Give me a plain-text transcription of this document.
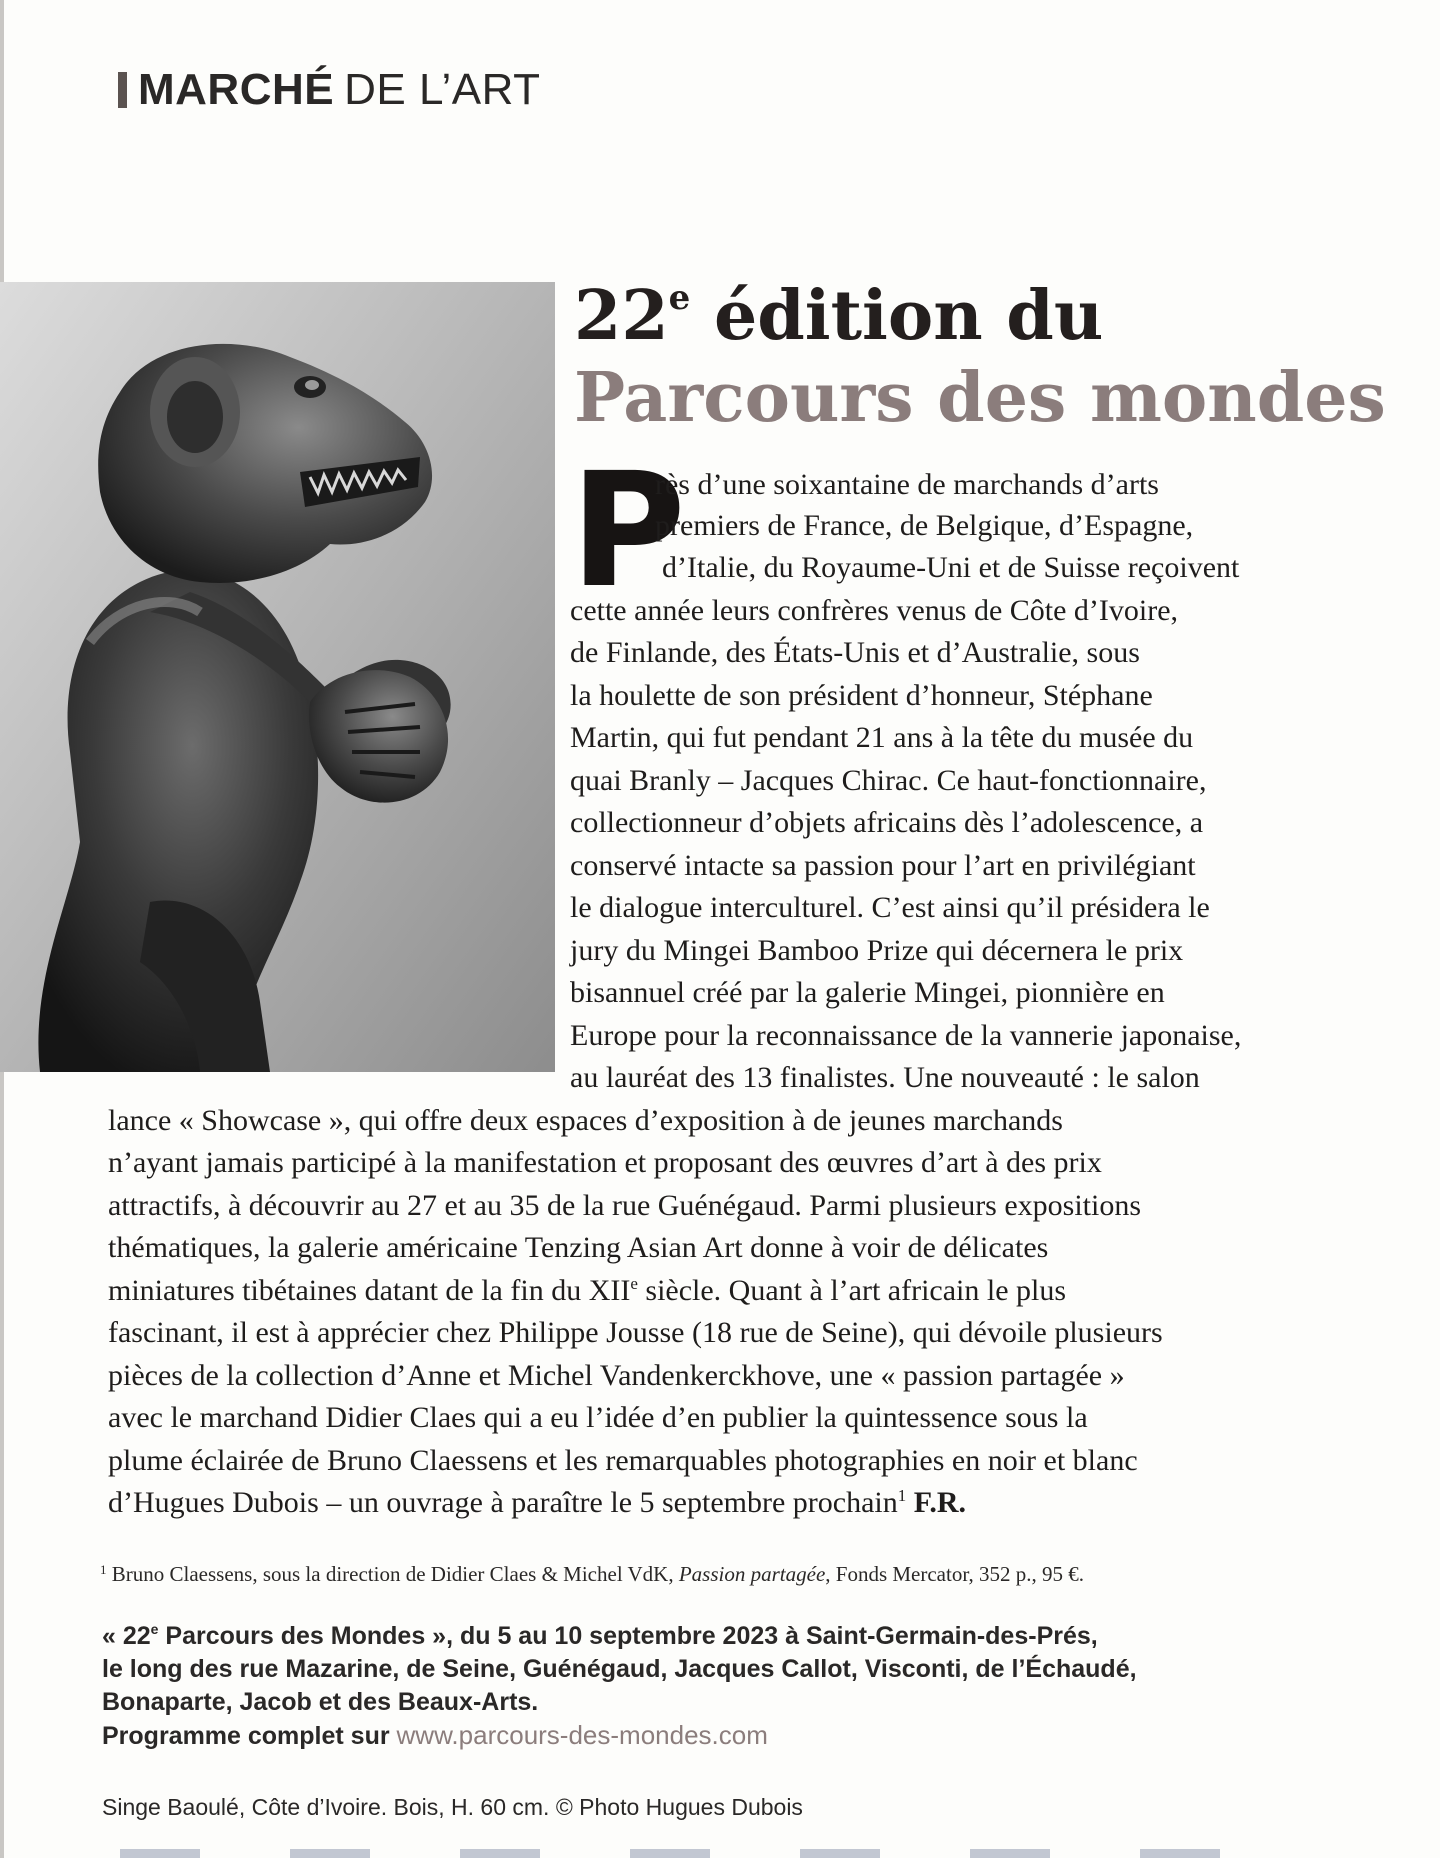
MARCHÉ DE L’ART
22e édition du
Parcours des mondes
P
rès d’une soixantaine de marchands d’arts
premiers de France, de Belgique, d’Espagne,
d’Italie, du Royaume-Uni et de Suisse reçoivent
cette année leurs confrères venus de Côte d’Ivoire,
de Finlande, des États-Unis et d’Australie, sous
la houlette de son président d’honneur, Stéphane
Martin, qui fut pendant 21 ans à la tête du musée du
quai Branly – Jacques Chirac. Ce haut-fonctionnaire,
collectionneur d’objets africains dès l’adolescence, a
conservé intacte sa passion pour l’art en privilégiant
le dialogue interculturel. C’est ainsi qu’il présidera le
jury du Mingei Bamboo Prize qui décernera le prix
bisannuel créé par la galerie Mingei, pionnière en
Europe pour la reconnaissance de la vannerie japonaise,
au lauréat des 13 finalistes. Une nouveauté : le salon
lance « Showcase », qui offre deux espaces d’exposition à de jeunes marchands
n’ayant jamais participé à la manifestation et proposant des œuvres d’art à des prix
attractifs, à découvrir au 27 et au 35 de la rue Guénégaud. Parmi plusieurs expositions
thématiques, la galerie américaine Tenzing Asian Art donne à voir de délicates
miniatures tibétaines datant de la fin du XIIe siècle. Quant à l’art africain le plus
fascinant, il est à apprécier chez Philippe Jousse (18 rue de Seine), qui dévoile plusieurs
pièces de la collection d’Anne et Michel Vandenkerckhove, une « passion partagée »
avec le marchand Didier Claes qui a eu l’idée d’en publier la quintessence sous la
plume éclairée de Bruno Claessens et les remarquables photographies en noir et blanc
d’Hugues Dubois – un ouvrage à paraître le 5 septembre prochain$^1$ F.R.
$^1$ Bruno Claessens, sous la direction de Didier Claes & Michel VdK, Passion partagée, Fonds Mercator, 352 p., 95 €.
« 22e Parcours des Mondes », du 5 au 10 septembre 2023 à Saint-Germain-des-Prés,
le long des rue Mazarine, de Seine, Guénégaud, Jacques Callot, Visconti, de l’Échaudé,
Bonaparte, Jacob et des Beaux-Arts.
Programme complet sur www.parcours-des-mondes.com
Singe Baoulé, Côte d’Ivoire. Bois, H. 60 cm. © Photo Hugues Dubois
